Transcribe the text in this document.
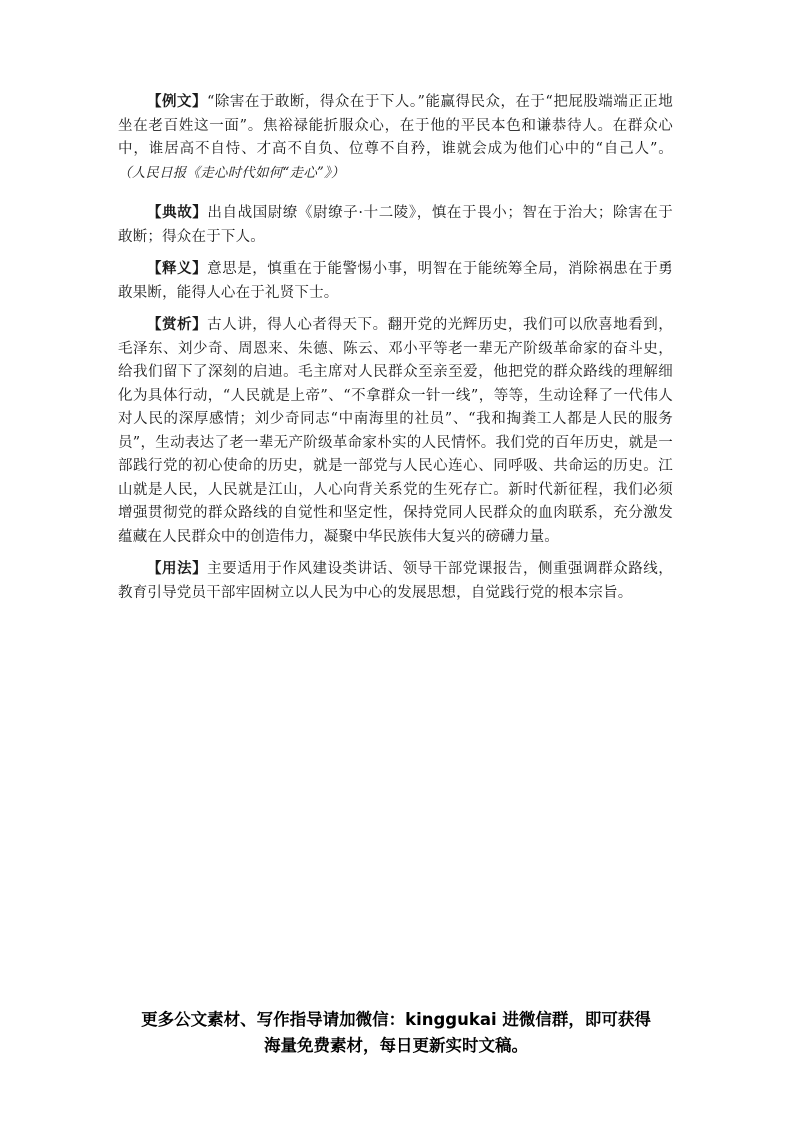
【例文】“除害在于敢断，得众在于下人。”能赢得民众，在于“把屁股端端正正地坐在老百姓这一面”。焦裕禄能折服众心，在于他的平民本色和谦恭待人。在群众心中，谁居高不自恃、才高不自负、位尊不自矜，谁就会成为他们心中的“自己人”。 （人民日报《走心时代如何“走心”》）

【典故】出自战国尉缭《尉缭子·十二陵》，慎在于畏小；智在于治大；除害在于敢断；得众在于下人。

【释义】意思是，慎重在于能警惕小事，明智在于能统筹全局，消除祸患在于勇敢果断，能得人心在于礼贤下士。

【赏析】古人讲，得人心者得天下。翻开党的光辉历史，我们可以欣喜地看到，毛泽东、刘少奇、周恩来、朱德、陈云、邓小平等老一辈无产阶级革命家的奋斗史，给我们留下了深刻的启迪。毛主席对人民群众至亲至爱，他把党的群众路线的理解细化为具体行动，“人民就是上帝”、“不拿群众一针一线”，等等，生动诠释了一代伟人对人民的深厚感情；刘少奇同志“中南海里的社员”、“我和掏粪工人都是人民的服务员”，生动表达了老一辈无产阶级革命家朴实的人民情怀。我们党的百年历史，就是一部践行党的初心使命的历史，就是一部党与人民心连心、同呼吸、共命运的历史。江山就是人民，人民就是江山，人心向背关系党的生死存亡。新时代新征程，我们必须增强贯彻党的群众路线的自觉性和坚定性，保持党同人民群众的血肉联系，充分激发蕴藏在人民群众中的创造伟力，凝聚中华民族伟大复兴的磅礴力量。

【用法】主要适用于作风建设类讲话、领导干部党课报告，侧重强调群众路线，教育引导党员干部牢固树立以人民为中心的发展思想，自觉践行党的根本宗旨。

更多公文素材、写作指导请加微信：kinggukai 进微信群，即可获得
海量免费素材，每日更新实时文稿。
